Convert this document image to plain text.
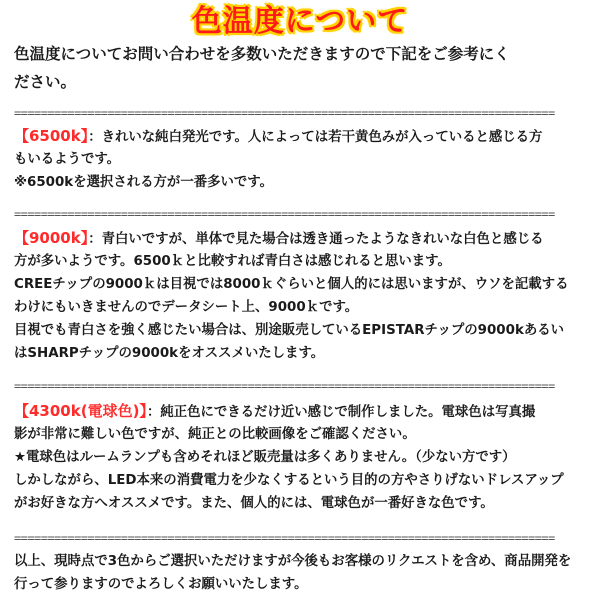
色温度について
色温度についてお問い合わせを多数いただきますので下記をご参考にく
ださい。
=================================================================================
【6500k】：きれいな純白発光です。人によっては若干黄色みが入っていると感じる方
もいるようです。
※6500kを選択される方が一番多いです。
=================================================================================
【9000k】：青白いですが、単体で見た場合は透き通ったようなきれいな白色と感じる
方が多いようです。6500ｋと比較すれば青白さは感じれると思います。
CREEチップの9000ｋは目視では8000ｋぐらいと個人的には思いますが、ウソを記載する
わけにもいきませんのでデータシート上、9000ｋです。
目視でも青白さを強く感じたい場合は、別途販売しているEPISTARチップの9000kあるい
はSHARPチップの9000kをオススメいたします。
=================================================================================
【4300k(電球色)】：純正色にできるだけ近い感じで制作しました。電球色は写真撮
影が非常に難しい色ですが、純正との比較画像をご確認ください。
★電球色はルームランプも含めそれほど販売量は多くありません。（少ない方です）
しかしながら、LED本来の消費電力を少なくするという目的の方やさりげないドレスアップ
がお好きな方へオススメです。また、個人的には、電球色が一番好きな色です。
=================================================================================
以上、現時点で3色からご選択いただけますが今後もお客様のリクエストを含め、商品開発を
行って参りますのでよろしくお願いいたします。
